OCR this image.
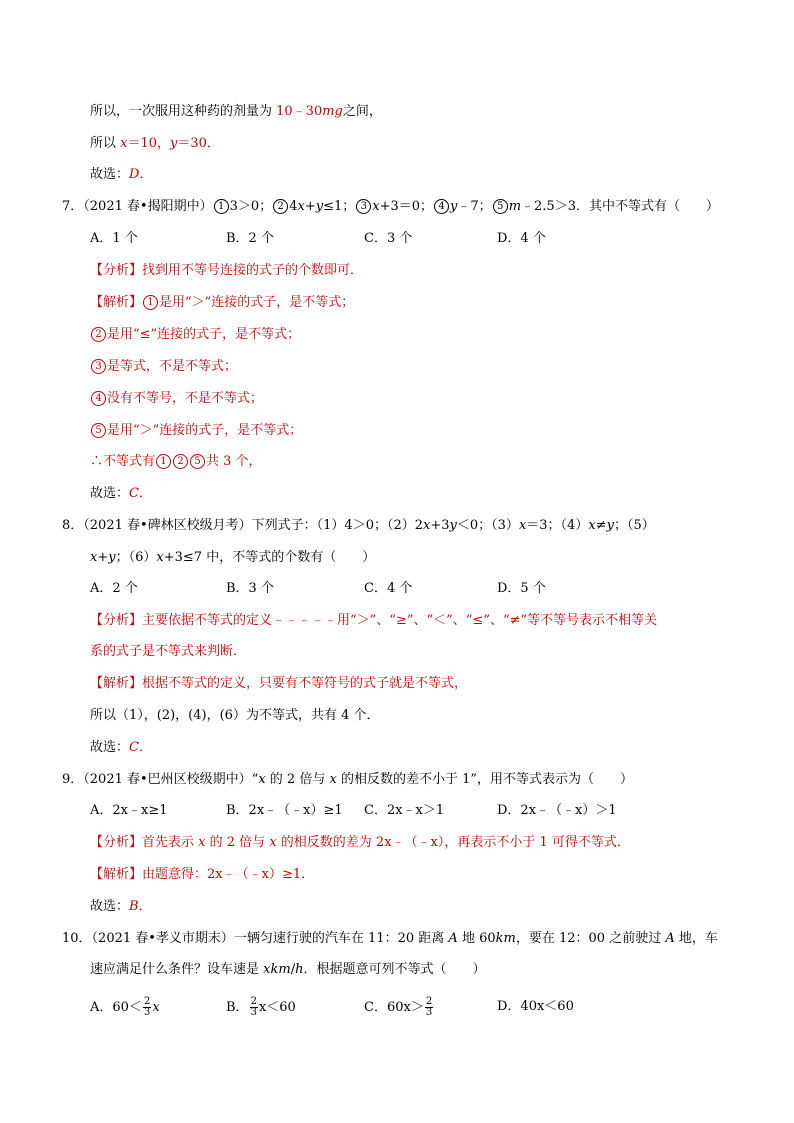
所以，一次服用这种药的剂量为 10﹣30mg之间，
所以 x＝10，y＝30．
故选：D．
7．（2021 春•揭阳期中） 1 3＞0； 2 4x+y≤1； 3 x+3＝0； 4 y﹣7； 5 m﹣2.5＞3．其中不等式有（　　）
A．1 个	B．2 个	C．3 个	D．4 个
【分析】找到用不等号连接的式子的个数即可．
【解析】 1 是用“＞”连接的式子，是不等式；
2 是用“≤”连接的式子，是不等式；
3 是等式，不是不等式；
4 没有不等号，不是不等式；
5 是用“＞”连接的式子，是不等式；
∴不等式有 1 2 5 共 3 个，
故选：C．
8．（2021 春•碑林区校级月考）下列式子：（1）4＞0；（2）2x+3y＜0；（3）x＝3；（4）x≠y；（5）
x+y；（6）x+3≤7 中，不等式的个数有（　　）
A．2 个	B．3 个	C．4 个	D．5 个
【分析】主要依据不等式的定义﹣﹣﹣﹣﹣用“＞”、“≥”、“＜”、“≤”、“≠”等不等号表示不相等关
系的式子是不等式来判断．
【解析】根据不等式的定义，只要有不等符号的式子就是不等式，
所以（1），(2)，(4)，(6）为不等式，共有 4 个．
故选：C．
9．（2021 春•巴州区校级期中）“x 的 2 倍与 x 的相反数的差不小于 1”，用不等式表示为（　　）
A．2x﹣x≥1	B．2x﹣（﹣x）≥1 C．2x﹣x＞1	D．2x﹣（﹣x）＞1
【分析】首先表示 x 的 2 倍与 x 的相反数的差为 2x﹣（﹣x），再表示不小于 1 可得不等式．
【解析】由题意得：2x﹣（﹣x）≥1．
故选：B．
10．（2021 春•孝义市期末）一辆匀速行驶的汽车在 11：20 距离 A 地 60km，要在 12：00 之前驶过 A 地，车
速应满足什么条件？设车速是 xkm/h．根据题意可列不等式（　　）
A．$60< \frac{2}{3}$ x	B． $\frac{2}{3} x<60$	C．$60x> \frac{2}{3}$	D．40x＜60
